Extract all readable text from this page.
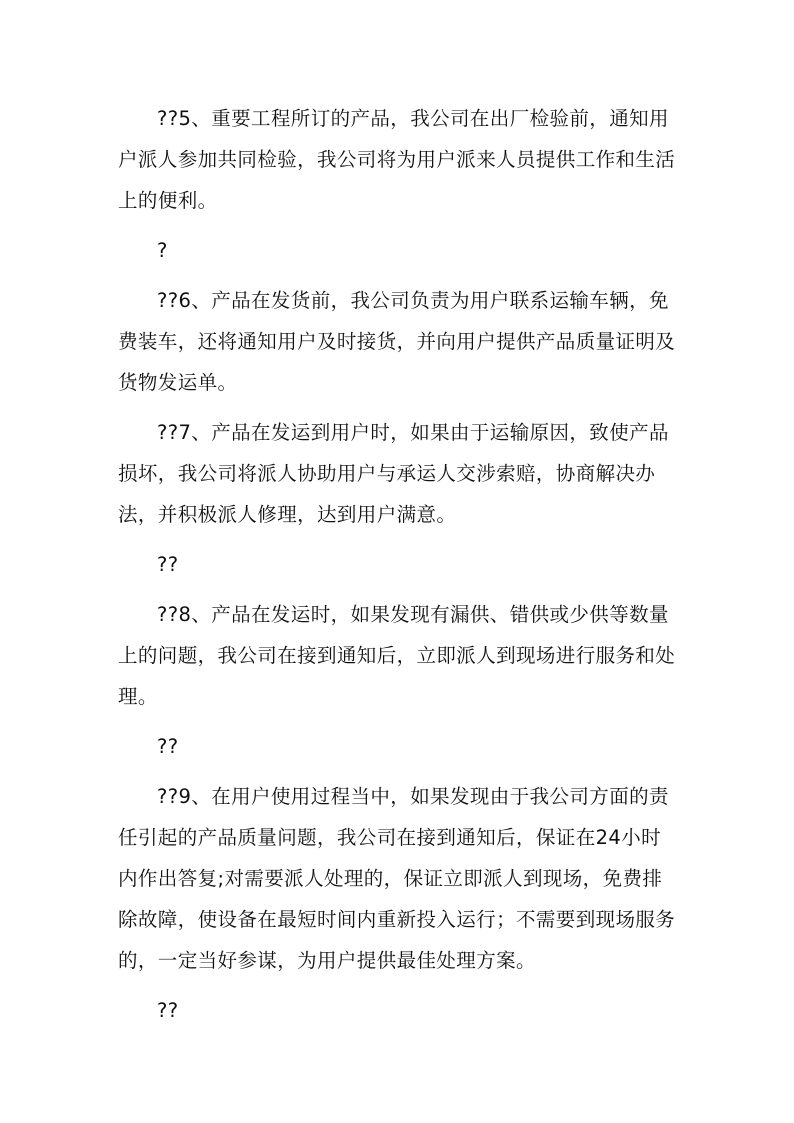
??5、重要工程所订的产品，我公司在出厂检验前，通知用户派人参加共同检验，我公司将为用户派来人员提供工作和生活上的便利。

?

??6、产品在发货前，我公司负责为用户联系运输车辆，免费装车，还将通知用户及时接货，并向用户提供产品质量证明及货物发运单。

??7、产品在发运到用户时，如果由于运输原因，致使产品损坏，我公司将派人协助用户与承运人交涉索赔，协商解决办法，并积极派人修理，达到用户满意。

??

??8、产品在发运时，如果发现有漏供、错供或少供等数量上的问题，我公司在接到通知后，立即派人到现场进行服务和处理。

??

??9、在用户使用过程当中，如果发现由于我公司方面的责任引起的产品质量问题，我公司在接到通知后，保证在24小时内作出答复;对需要派人处理的，保证立即派人到现场，免费排除故障，使设备在最短时间内重新投入运行；不需要到现场服务的，一定当好参谋，为用户提供最佳处理方案。

??
